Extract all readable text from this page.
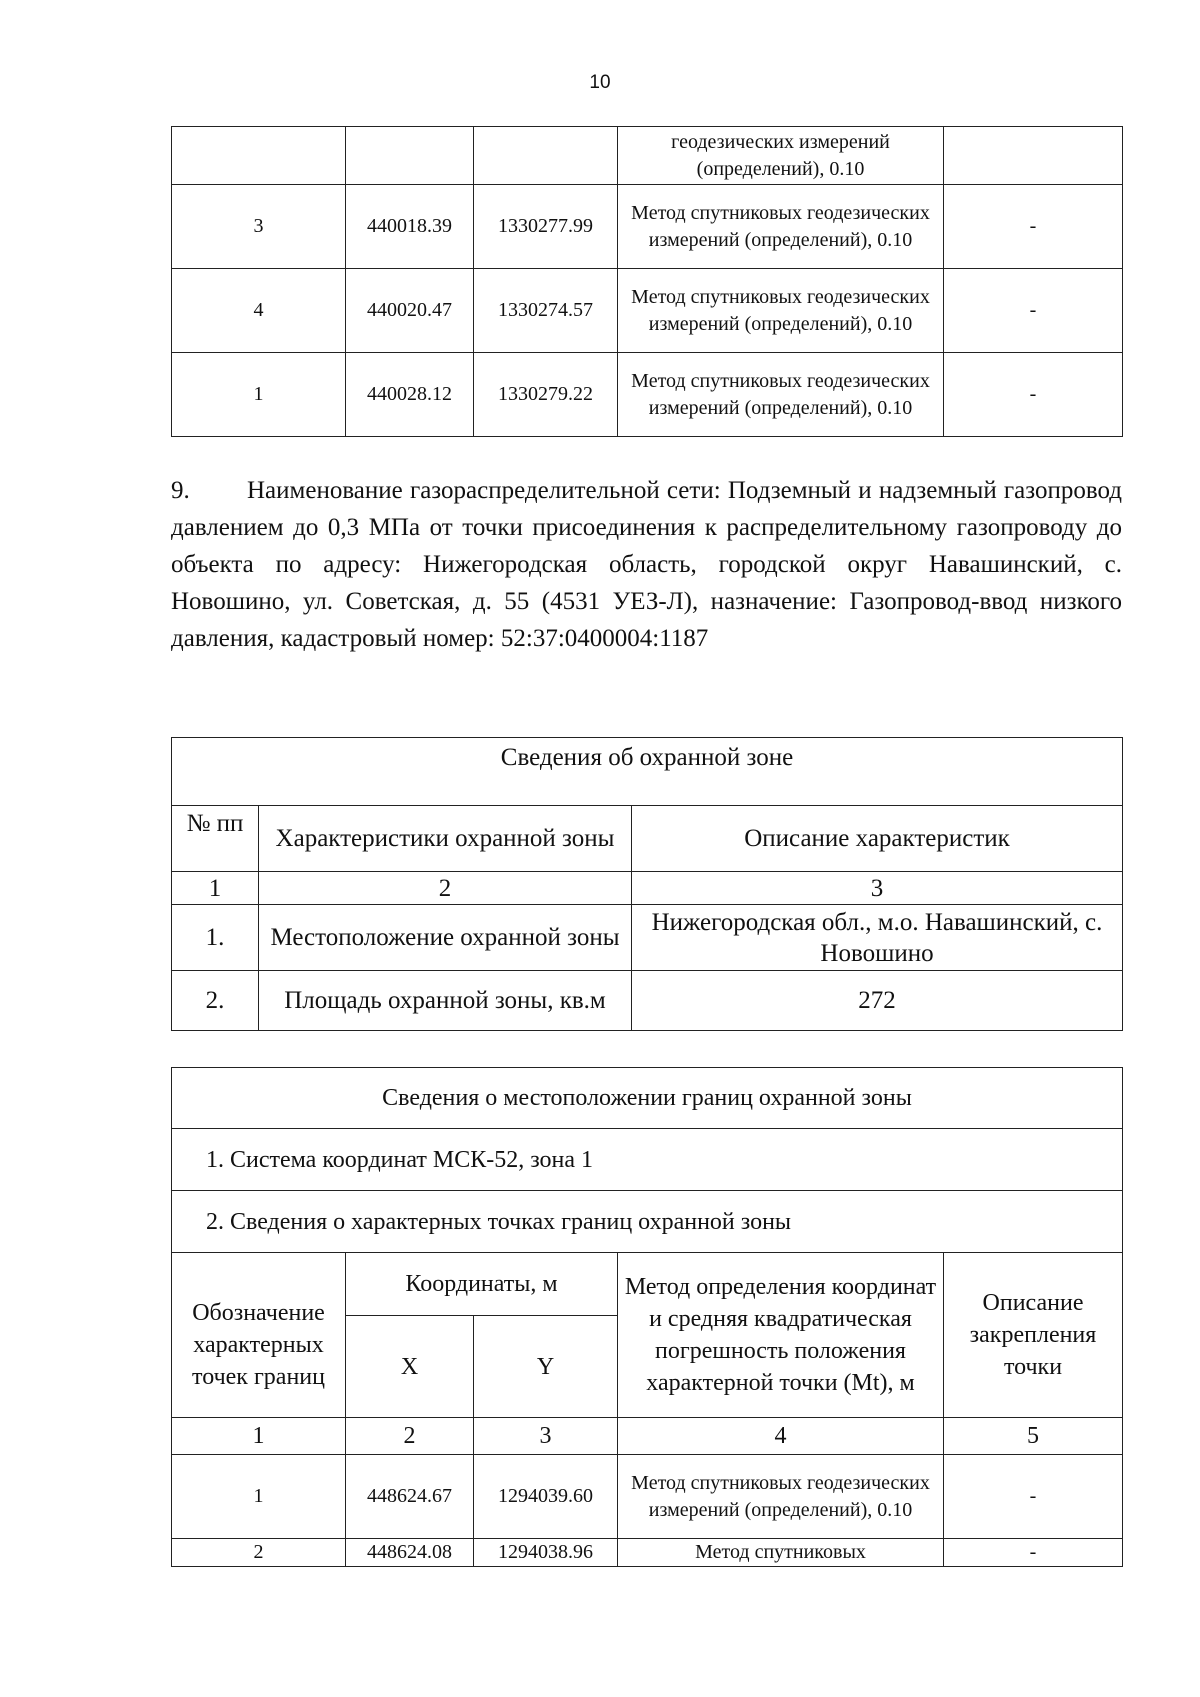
10
			геодезических измерений (определений), 0.10	
3	440018.39	1330277.99	Метод спутниковых геодезических измерений (определений), 0.10	-
4	440020.47	1330274.57	Метод спутниковых геодезических измерений (определений), 0.10	-
1	440028.12	1330279.22	Метод спутниковых геодезических измерений (определений), 0.10	-

9. Наименование газораспределительной сети: Подземный и надземный газопровод давлением до 0,3 МПа от точки присоединения к распределительному газопроводу до объекта по адресу: Нижегородская область, городской округ Навашинский, с. Новошино, ул. Советская, д. 55 (4531 УЕЗ-Л), назначение: Газопровод-ввод низкого давления, кадастровый номер: 52:37:0400004:1187

Сведения об охранной зоне		
№ пп	Характеристики охранной зоны	Описание характеристик
1	2	3
1.	Местоположение охранной зоны	Нижегородская обл., м.о. Навашинский, с. Новошино
2.	Площадь охранной зоны, кв.м	272
Сведения о местоположении границ охранной зоны				
1. Система координат МСК-52, зона 1				
2. Сведения о характерных точках границ охранной зоны				
Обозначение характерных точек границ	Координаты, м		Метод определения координат и средняя квадратическая погрешность положения характерной точки (Mt), м	Описание закрепления точки
	X	Y		
1	2	3	4	5
1	448624.67	1294039.60	Метод спутниковых геодезических измерений (определений), 0.10	-
2	448624.08	1294038.96	Метод спутниковых	-
